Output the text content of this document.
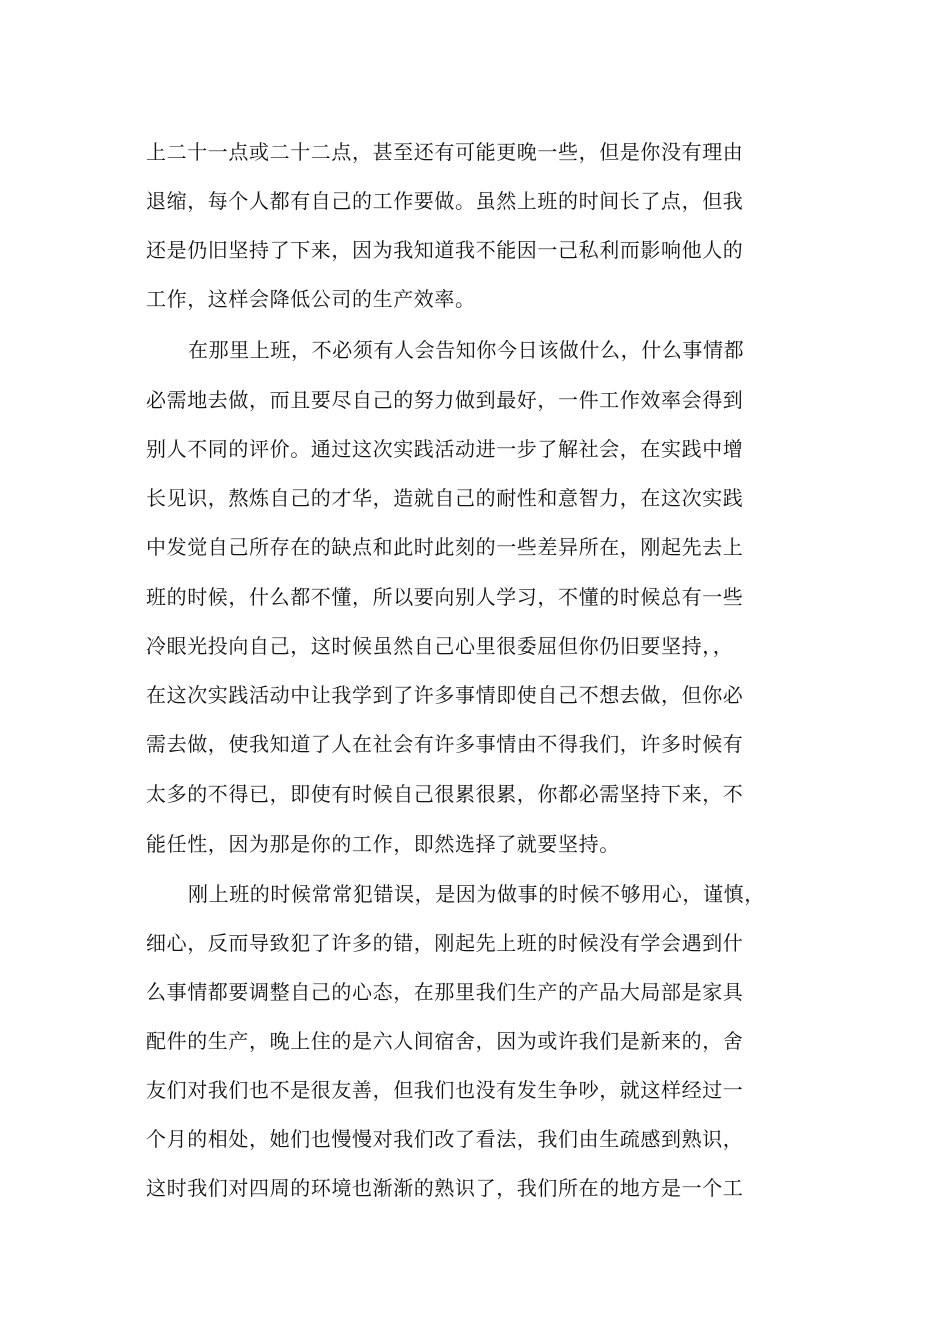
上二十一点或二十二点，甚至还有可能更晚一些，但是你没有理由
退缩，每个人都有自己的工作要做。虽然上班的时间长了点，但我
还是仍旧坚持了下来，因为我知道我不能因一己私利而影响他人的
工作，这样会降低公司的生产效率。
在那里上班，不必须有人会告知你今日该做什么，什么事情都
必需地去做，而且要尽自己的努力做到最好，一件工作效率会得到
别人不同的评价。通过这次实践活动进一步了解社会，在实践中增
长见识，熬炼自己的才华，造就自己的耐性和意智力，在这次实践
中发觉自己所存在的缺点和此时此刻的一些差异所在，刚起先去上
班的时候，什么都不懂，所以要向别人学习，不懂的时候总有一些
冷眼光投向自己，这时候虽然自己心里很委屈但你仍旧要坚持，，
在这次实践活动中让我学到了许多事情即使自己不想去做，但你必
需去做，使我知道了人在社会有许多事情由不得我们，许多时候有
太多的不得已，即使有时候自己很累很累，你都必需坚持下来，不
能任性，因为那是你的工作，即然选择了就要坚持。
刚上班的时候常常犯错误，是因为做事的时候不够用心，谨慎，
细心，反而导致犯了许多的错，刚起先上班的时候没有学会遇到什
么事情都要调整自己的心态，在那里我们生产的产品大局部是家具
配件的生产，晚上住的是六人间宿舍，因为或许我们是新来的，舍
友们对我们也不是很友善，但我们也没有发生争吵，就这样经过一
个月的相处，她们也慢慢对我们改了看法，我们由生疏感到熟识，
这时我们对四周的环境也渐渐的熟识了，我们所在的地方是一个工
